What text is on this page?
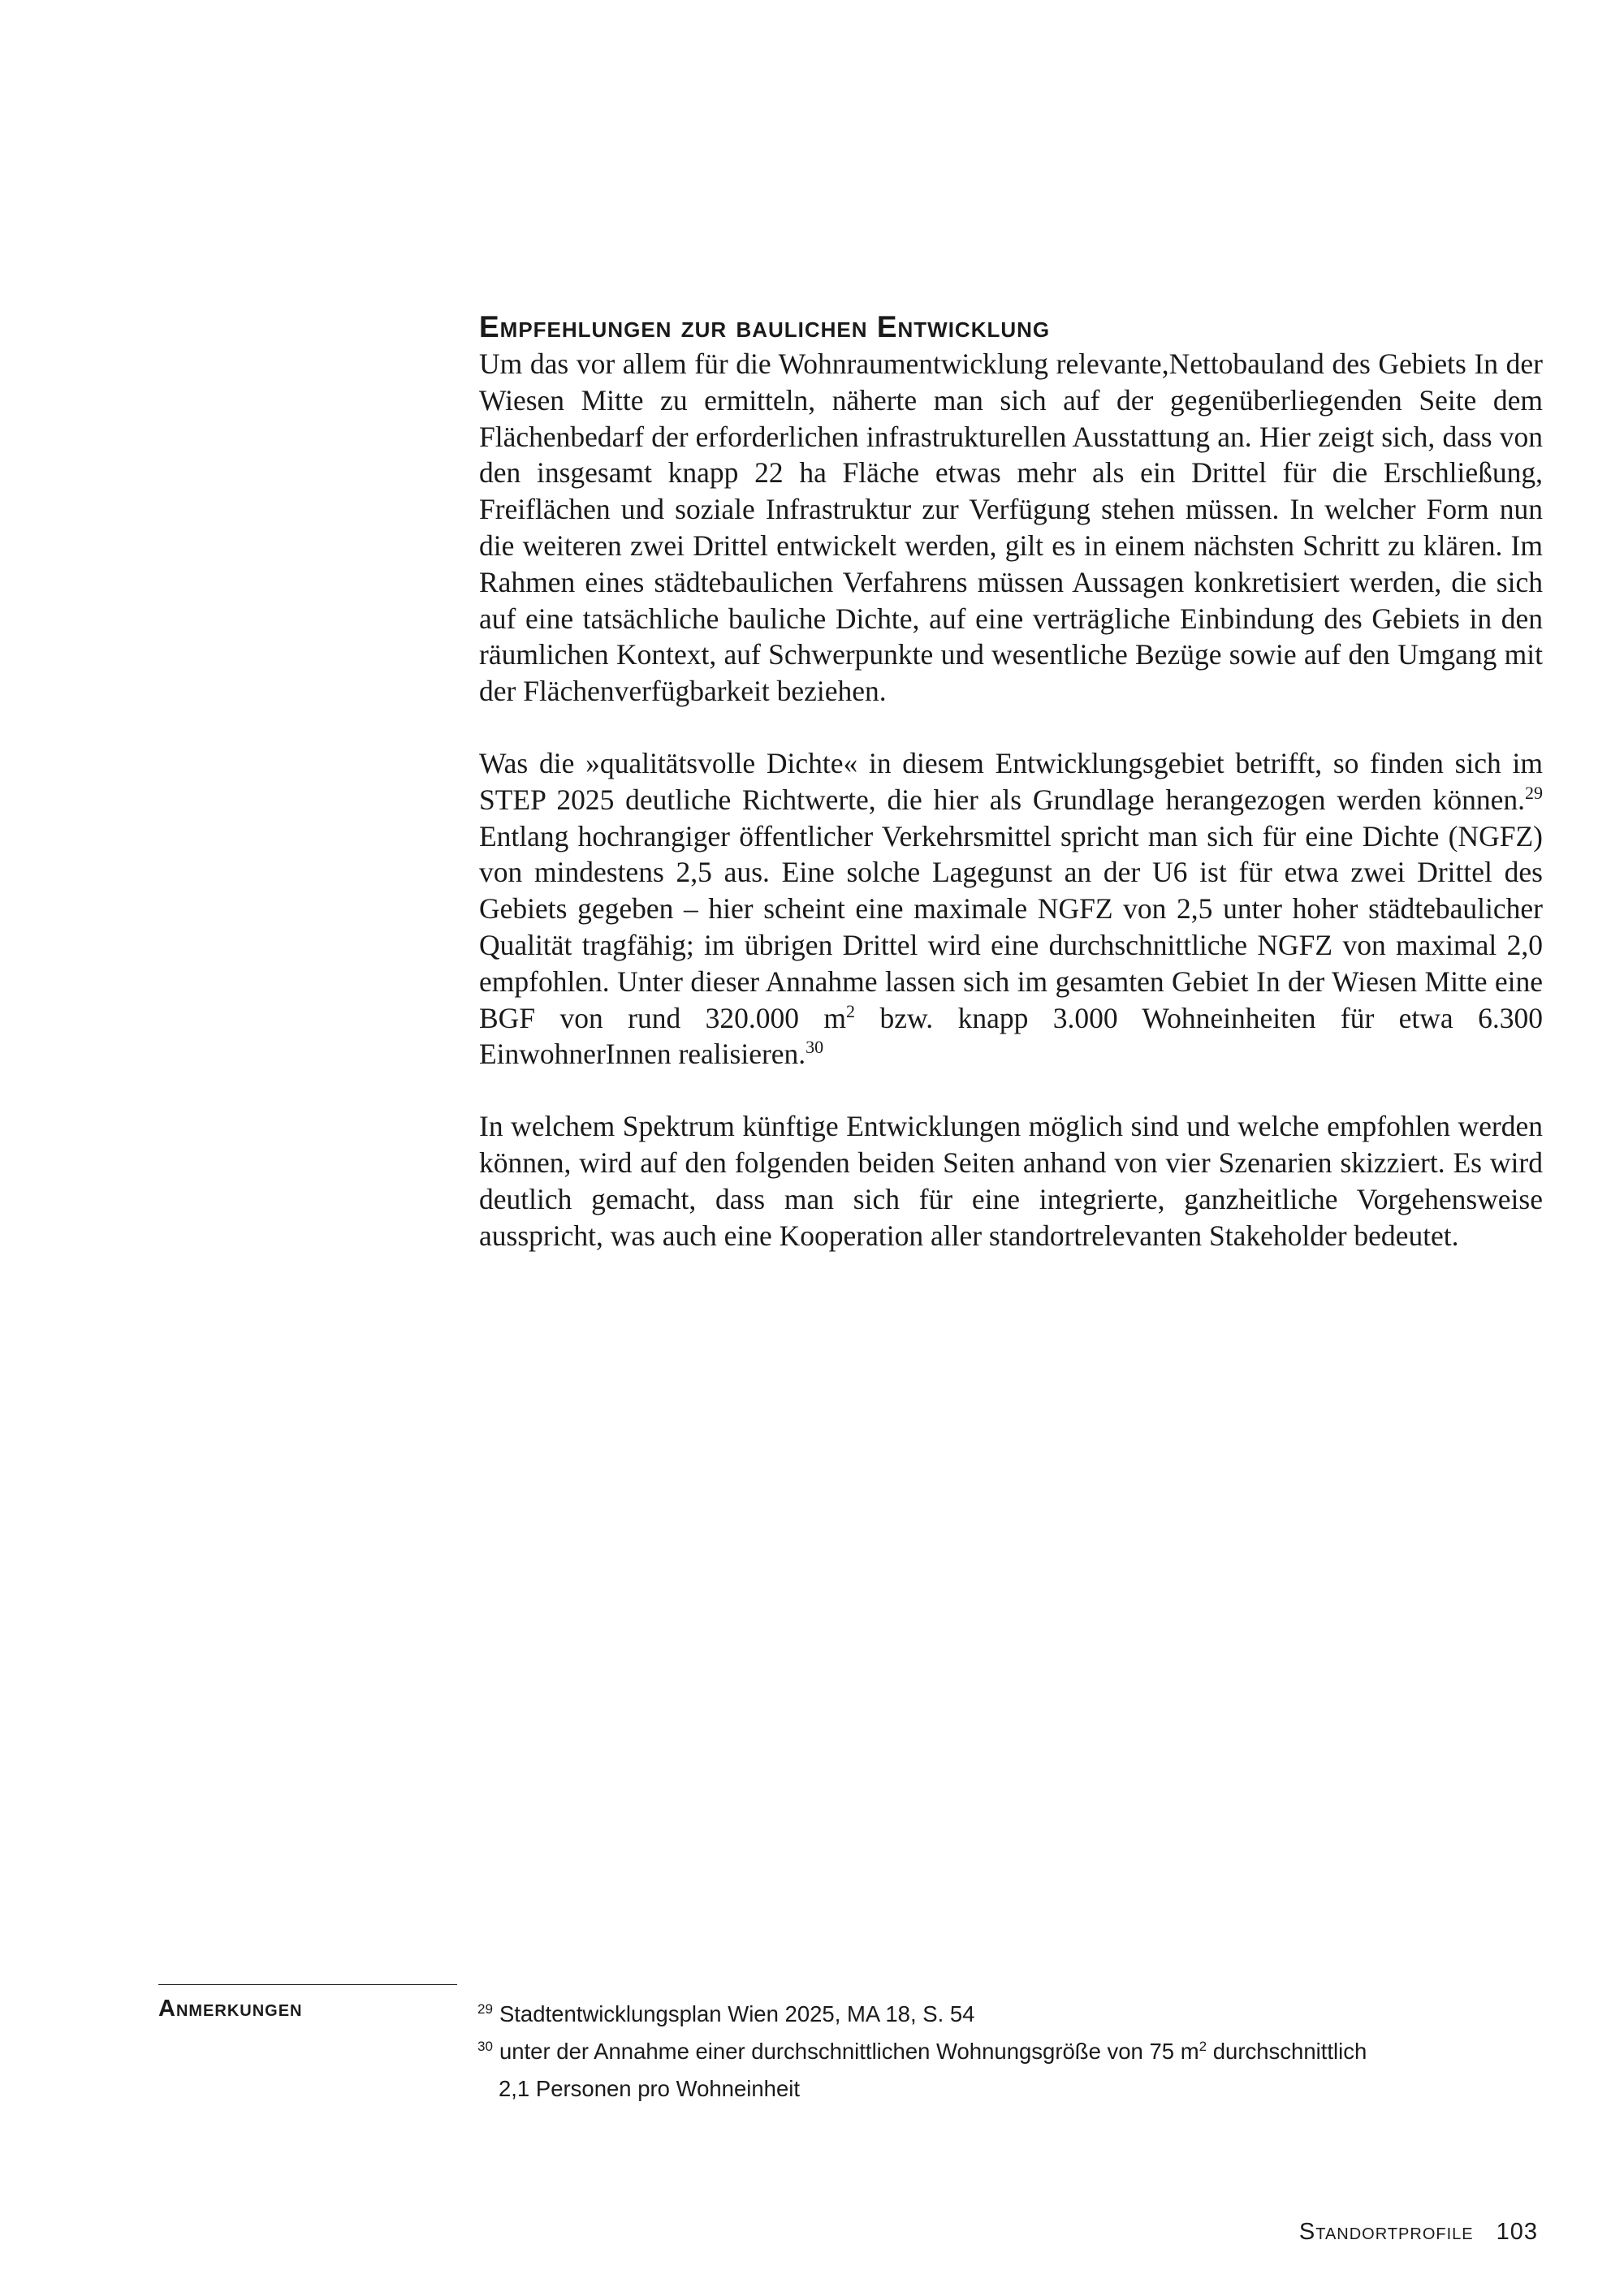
Empfehlungen zur baulichen Entwicklung

Um das vor allem für die Wohnraumentwicklung relevante,Nettobauland des Gebiets In der Wiesen Mitte zu ermitteln, näherte man sich auf der gegenüberliegenden Seite dem Flächenbedarf der erforderlichen infrastrukturellen Ausstattung an. Hier zeigt sich, dass von den insgesamt knapp 22 ha Fläche etwas mehr als ein Drittel für die Erschließung, Freiflächen und soziale Infrastruktur zur Verfügung stehen müssen. In welcher Form nun die weiteren zwei Drittel entwickelt werden, gilt es in einem nächsten Schritt zu klären. Im Rahmen eines städtebaulichen Verfahrens müssen Aussagen konkretisiert werden, die sich auf eine tatsächliche bauliche Dichte, auf eine verträgliche Einbindung des Gebiets in den räumlichen Kontext, auf Schwerpunkte und wesentliche Bezüge sowie auf den Umgang mit der Flächenverfügbarkeit beziehen.

Was die »qualitätsvolle Dichte« in diesem Entwicklungsgebiet betrifft, so finden sich im STEP 2025 deutliche Richtwerte, die hier als Grundlage herangezogen werden können.$^{29}$ Entlang hochrangiger öffentlicher Verkehrsmittel spricht man sich für eine Dichte (NGFZ) von mindestens 2,5 aus. Eine solche Lagegunst an der U6 ist für etwa zwei Drittel des Gebiets gegeben – hier scheint eine maximale NGFZ von 2,5 unter hoher städtebaulicher Qualität tragfähig; im übrigen Drittel wird eine durchschnittliche NGFZ von maximal 2,0 empfohlen. Unter dieser Annahme lassen sich im gesamten Gebiet In der Wiesen Mitte eine BGF von rund 320.000 $m^2$ bzw. knapp 3.000 Wohneinheiten für etwa 6.300 EinwohnerInnen realisieren.$^{30}$

In welchem Spektrum künftige Entwicklungen möglich sind und welche empfohlen werden können, wird auf den folgenden beiden Seiten anhand von vier Szenarien skizziert. Es wird deutlich gemacht, dass man sich für eine integrierte, ganzheitliche Vorgehensweise ausspricht, was auch eine Kooperation aller standortrelevanten Stakeholder bedeutet.

Anmerkungen	$^{29}$ Stadtentwicklungsplan Wien 2025, MA 18, S. 54

$^{30}$ unter der Annahme einer durchschnittlichen Wohnungsgröße von 75 $m^2$ durchschnittlich
2,1 Personen pro Wohneinheit

Standortprofile 103
